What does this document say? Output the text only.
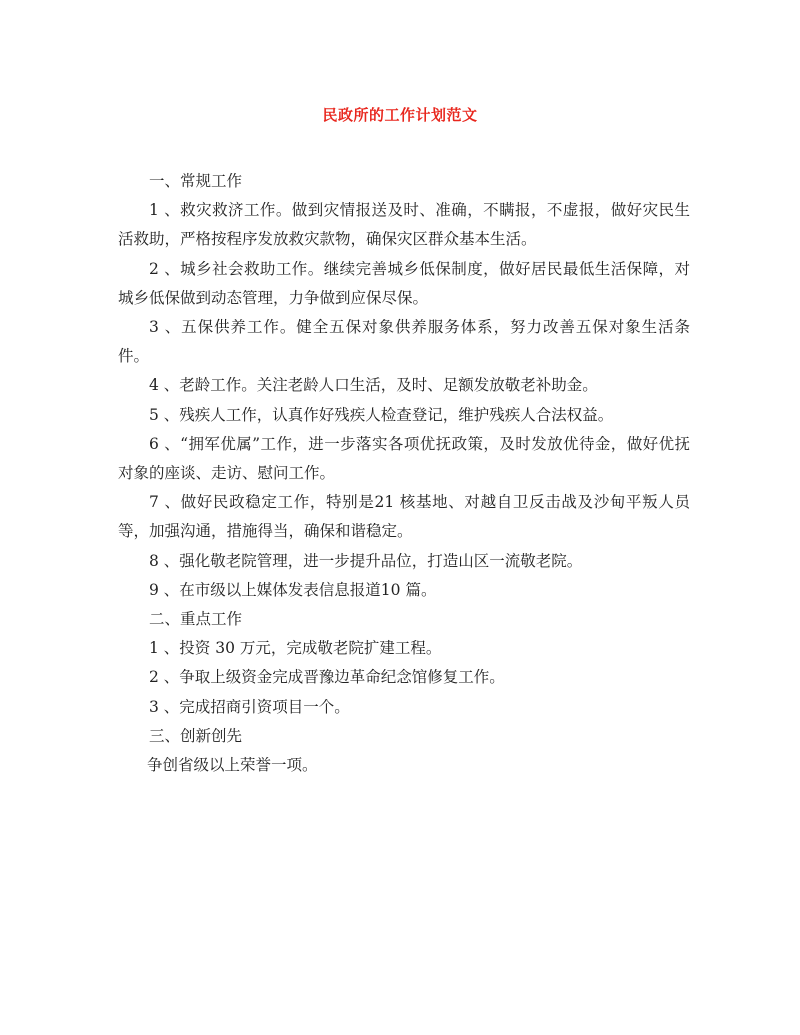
民政所的工作计划范文

一、常规工作

1 、救灾救济工作。做到灾情报送及时、准确，不瞒报，不虚报，做好灾民生活救助，严格按程序发放救灾款物，确保灾区群众基本生活。

2 、城乡社会救助工作。继续完善城乡低保制度，做好居民最低生活保障，对城乡低保做到动态管理，力争做到应保尽保。

3 、五保供养工作。健全五保对象供养服务体系，努力改善五保对象生活条件。

4 、老龄工作。关注老龄人口生活，及时、足额发放敬老补助金。

5 、残疾人工作，认真作好残疾人检查登记，维护残疾人合法权益。

6 、“拥军优属”工作，进一步落实各项优抚政策，及时发放优待金，做好优抚对象的座谈、走访、慰问工作。

7 、做好民政稳定工作，特别是21 核基地、对越自卫反击战及沙甸平叛人员等，加强沟通，措施得当，确保和谐稳定。

8 、强化敬老院管理，进一步提升品位，打造山区一流敬老院。

9 、在市级以上媒体发表信息报道10 篇。

二、重点工作

1 、投资 30 万元，完成敬老院扩建工程。

2 、争取上级资金完成晋豫边革命纪念馆修复工作。

3 、完成招商引资项目一个。

三、创新创先

争创省级以上荣誉一项。
